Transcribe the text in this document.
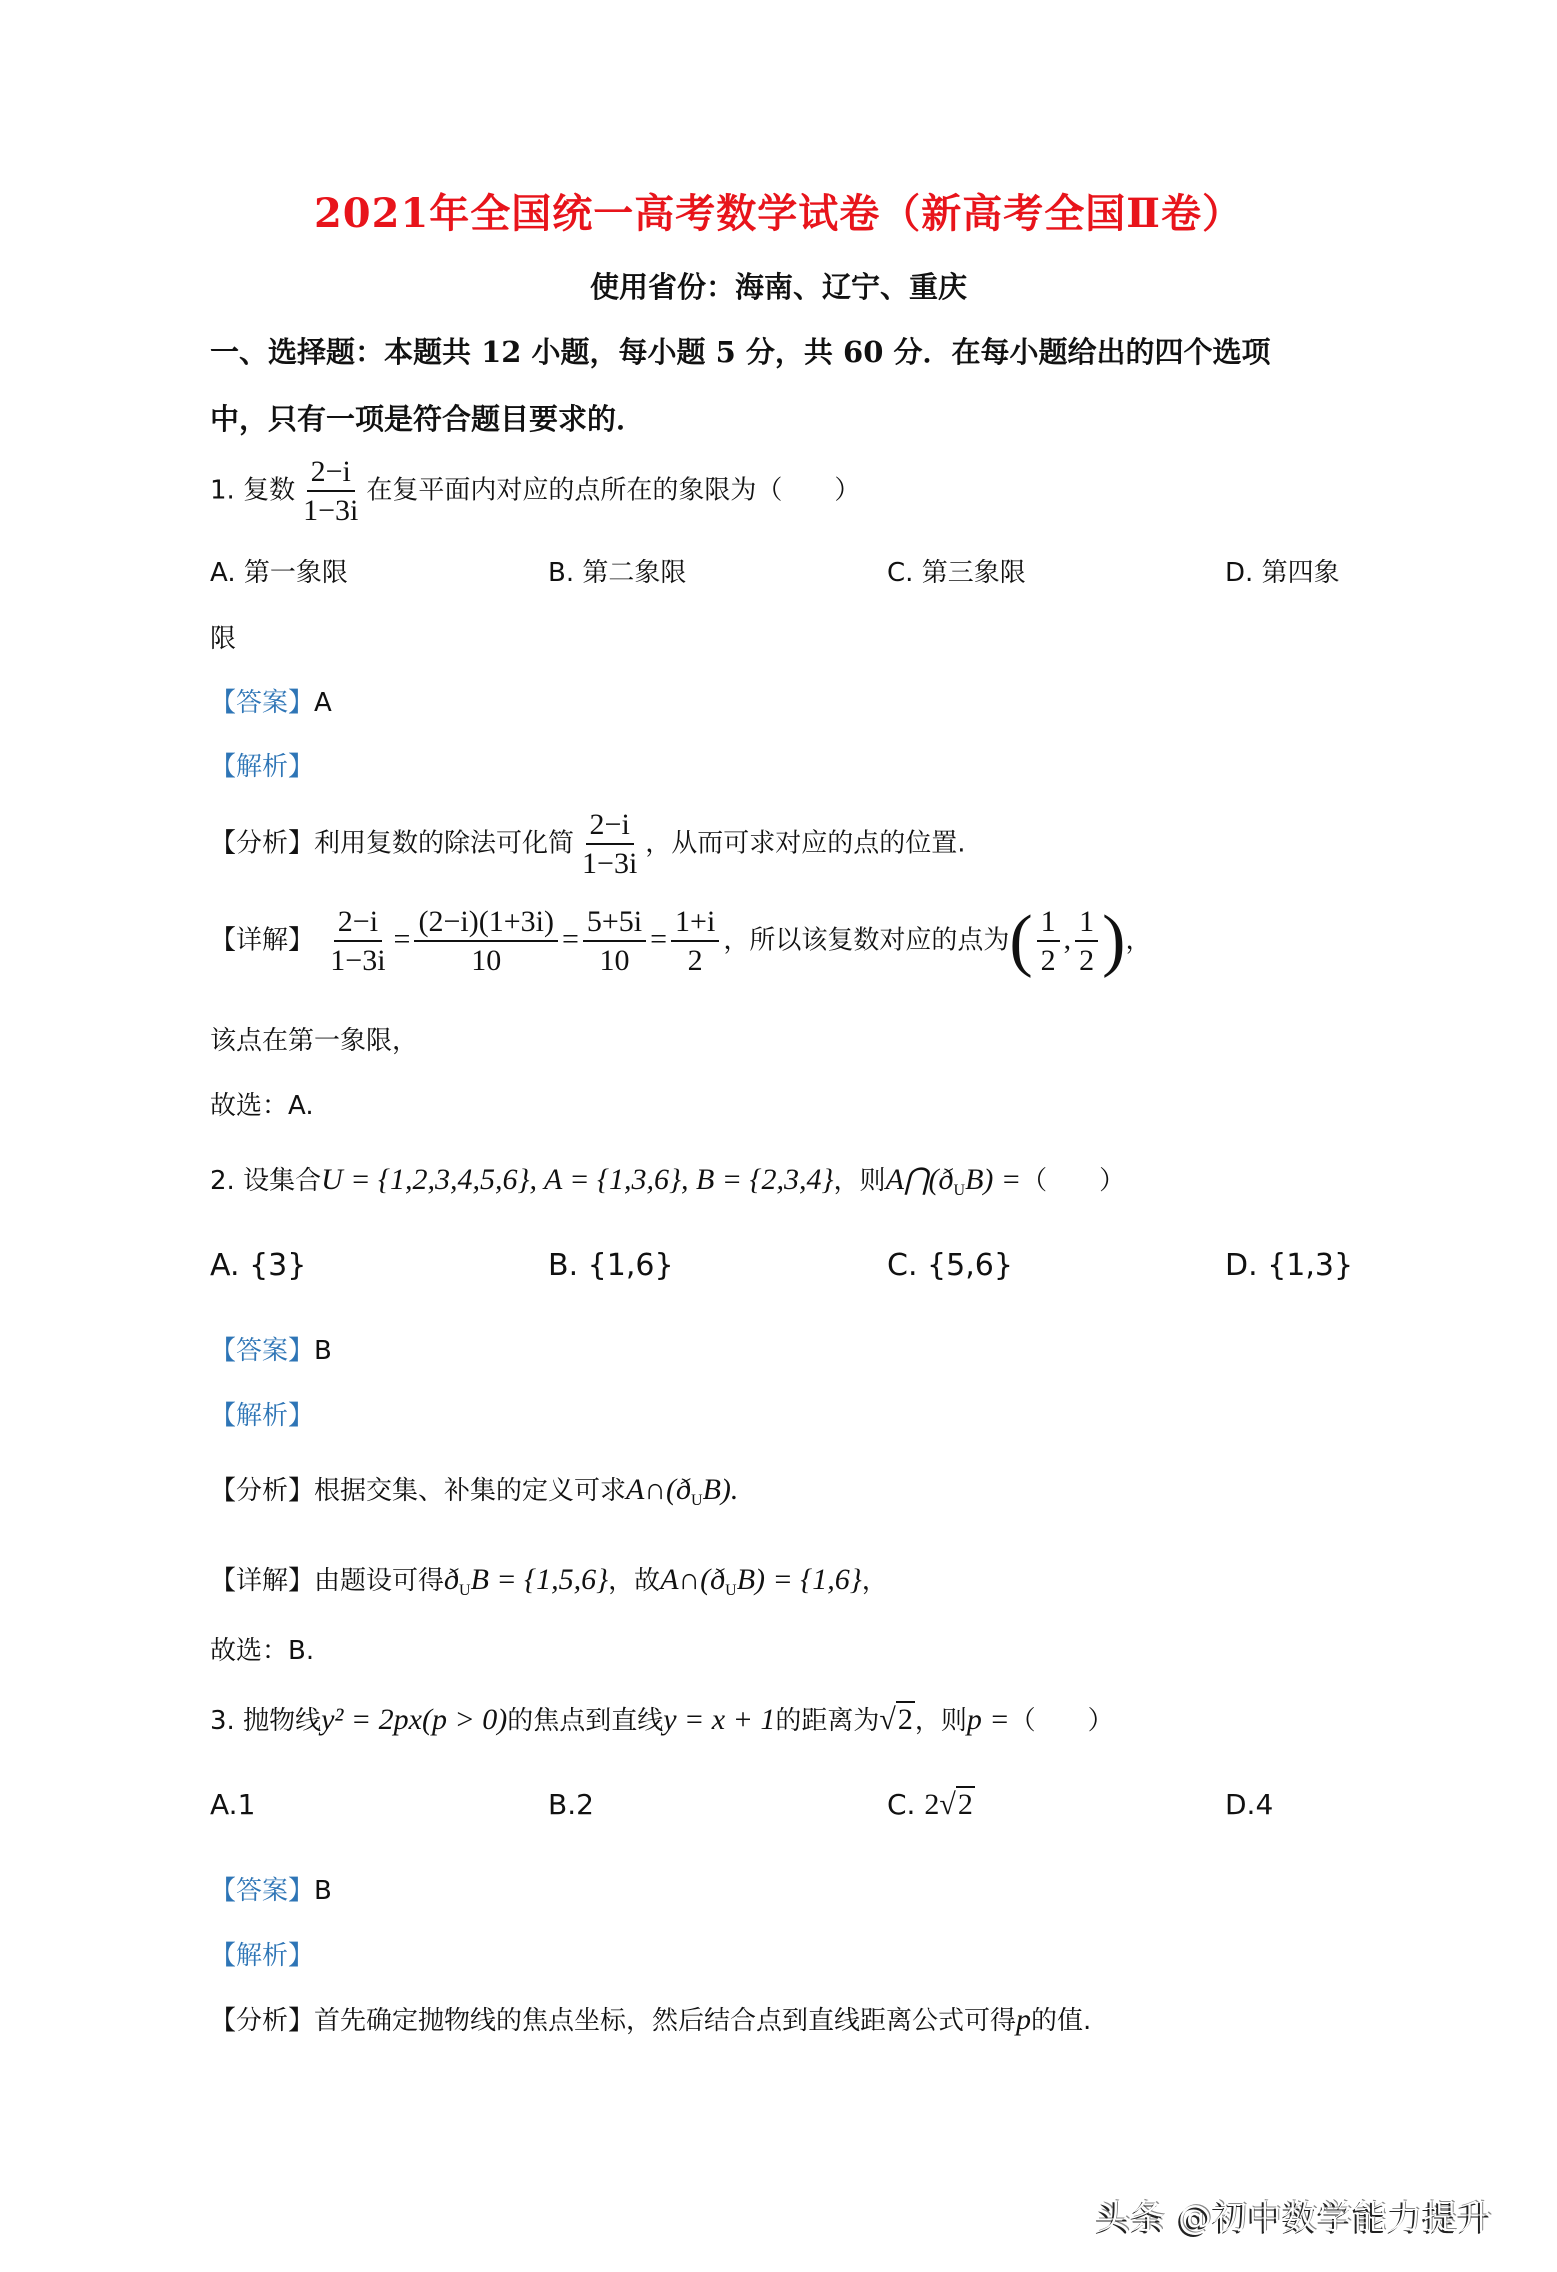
2021年全国统一高考数学试卷（新高考全国Ⅱ卷）
使用省份：海南、辽宁、重庆
一、选择题：本题共 12 小题，每小题 5 分，共 60 分．在每小题给出的四个选项
中，只有一项是符合题目要求的．
1. 复数 $\frac{2-i}{1-3i}$ 在复平面内对应的点所在的象限为（　　）
A. 第一象限	B. 第二象限	C. 第三象限	D. 第四象
限
【答案】A
【解析】
【分析】利用复数的除法可化简 $\frac{2-i}{1-3i}$ ，从而可求对应的点的位置.
【详解】 $\frac{2-i}{1-3i} = \frac{(2-i)(1+3i)}{10} = \frac{5+5i}{10} = \frac{1+i}{2}$ ，所以该复数对应的点为( $\frac{1}{2}$ , $\frac{1}{2}$ )，
该点在第一象限，
故选：A.
2. 设集合U = {1,2,3,4,5,6}, A = {1,3,6}, B = {2,3,4}，则$A⋂(ð_UB)$ =（　　）
A. {3}	B. {1,6}	C. {5,6}	D. {1,3}
【答案】B
【解析】
【分析】根据交集、补集的定义可求$A\cap(ð_UB)$.
【详解】由题设可得$ð_UB = \{1,5,6\}$，故$A\cap(ð_UB) = \{1,6\}$，
故选：B.
3. 抛物线y² = 2px(p > 0)的焦点到直线y = x + 1的距离为√2，则p =（　　）
A.1	B.2	C. 2√2	D.4
【答案】B
【解析】
【分析】首先确定抛物线的焦点坐标，然后结合点到直线距离公式可得p的值.
头条 @初中数学能力提升
